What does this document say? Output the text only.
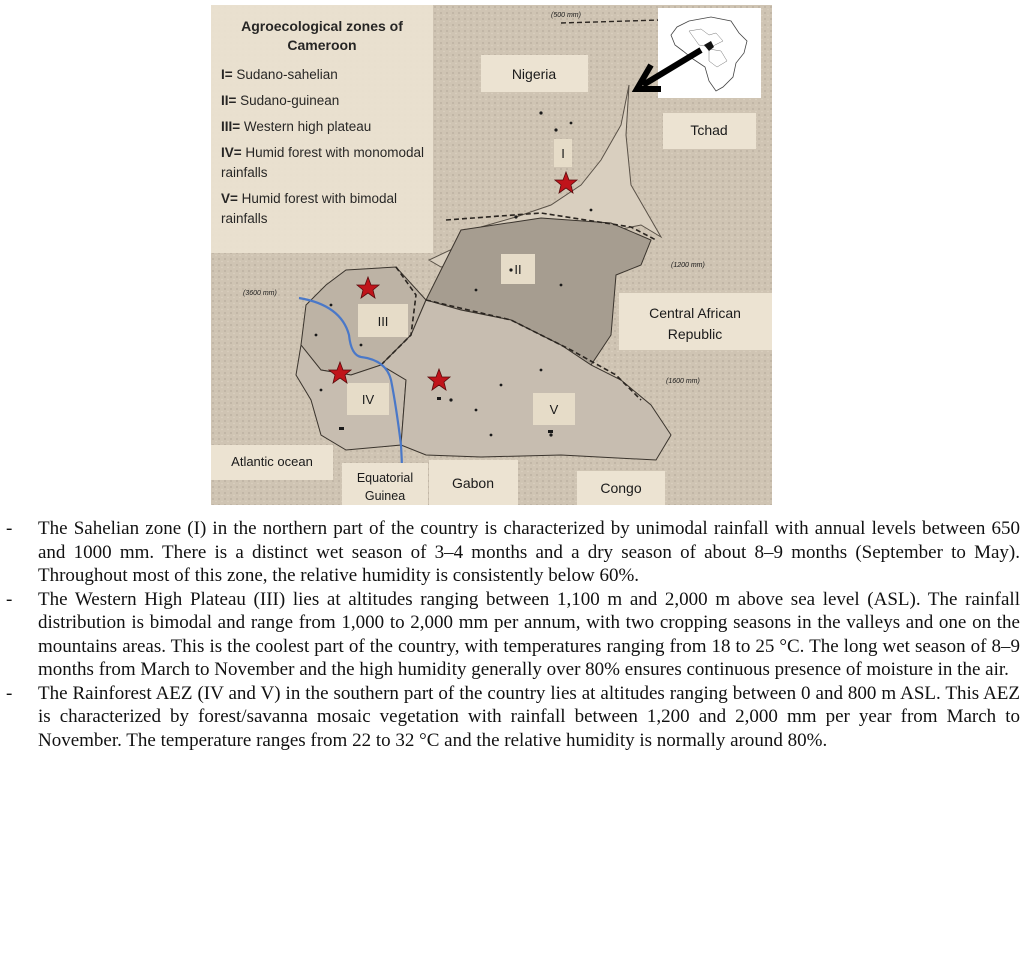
I
II
III
IV
V
Nigeria
Tchad
Central African
Republic
Atlantic ocean
Equatorial
Guinea
Gabon	Congo
(500 mm)
(1200 mm)
(3600 mm)
(1600 mm)
Agroecological zones of Cameroon
I= Sudano-sahelian
II= Sudano-guinean
III= Western high plateau
IV= Humid forest with monomodal rainfalls
V= Humid forest with bimodal rainfalls
- The Sahelian zone (I) in the northern part of the country is characterized by unimodal rainfall with annual levels between 650 and 1000 mm. There is a distinct wet season of 3–4 months and a dry season of about 8–9 months (September to May). Throughout most of this zone, the relative humidity is consistently below 60%.
- The Western High Plateau (III) lies at altitudes ranging between 1,100 m and 2,000 m above sea level (ASL). The rainfall distribution is bimodal and range from 1,000 to 2,000 mm per annum, with two cropping seasons in the valleys and one on the mountains areas. This is the coolest part of the country, with temperatures ranging from 18 to 25 °C. The long wet season of 8–9 months from March to November and the high humidity generally over 80% ensures continuous presence of moisture in the air.
- The Rainforest AEZ (IV and V) in the southern part of the country lies at altitudes ranging between 0 and 800 m ASL. This AEZ is characterized by forest/savanna mosaic vegetation with rainfall between 1,200 and 2,000 mm per year from March to November. The temperature ranges from 22 to 32 °C and the relative humidity is normally around 80%.
